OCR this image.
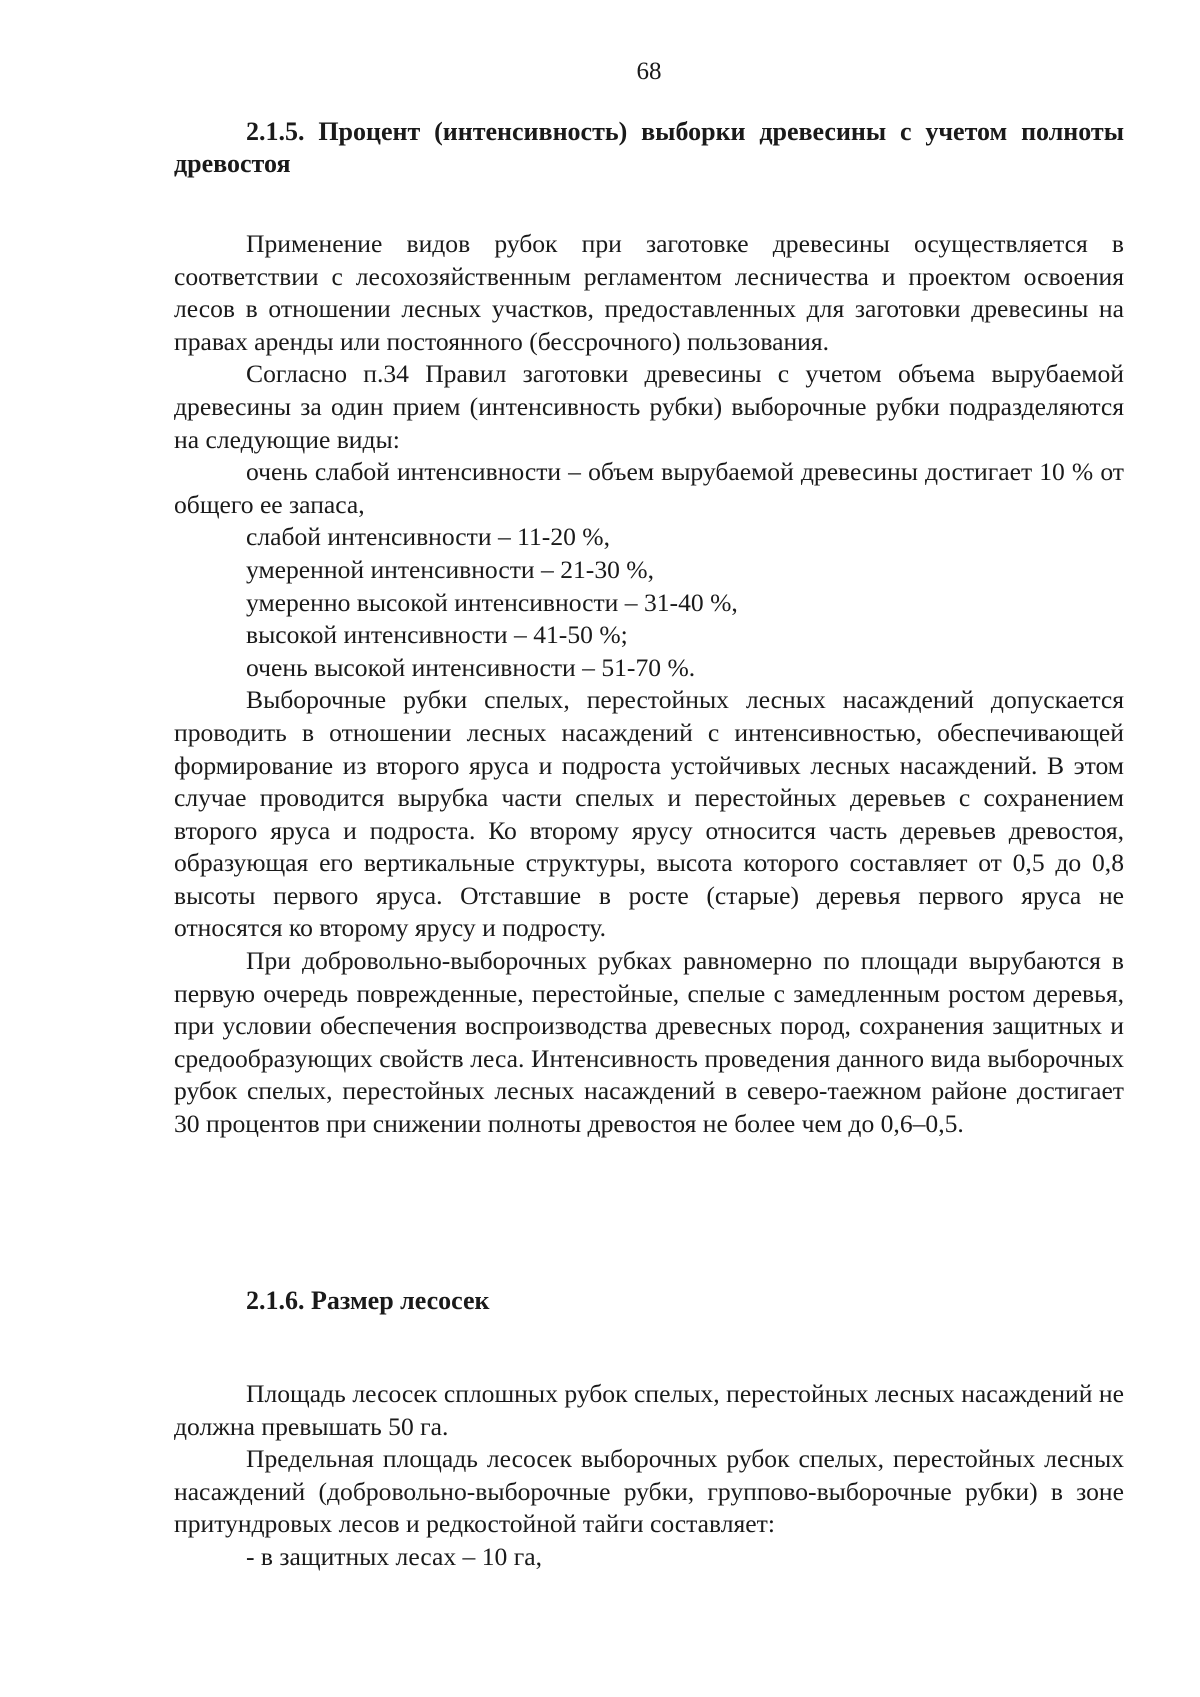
68
2.1.5. Процент (интенсивность) выборки древесины с учетом полноты древостоя

Применение видов рубок при заготовке древесины осуществляется в соответствии с лесохозяйственным регламентом лесничества и проектом освоения лесов в отношении лесных участков, предоставленных для заготовки древесины на правах аренды или постоянного (бессрочного) пользования.

Согласно п.34 Правил заготовки древесины с учетом объема вырубаемой древесины за один прием (интенсивность рубки) выборочные рубки подразделяются на следующие виды:

очень слабой интенсивности – объем вырубаемой древесины достигает 10 % от общего ее запаса,

слабой интенсивности – 11-20 %,

умеренной интенсивности – 21-30 %,

умеренно высокой интенсивности – 31-40 %,

высокой интенсивности – 41-50 %;

очень высокой интенсивности – 51-70 %.

Выборочные рубки спелых, перестойных лесных насаждений допускается проводить в отношении лесных насаждений с интенсивностью, обеспечивающей формирование из второго яруса и подроста устойчивых лесных насаждений. В этом случае проводится вырубка части спелых и перестойных деревьев с сохранением второго яруса и подроста. Ко второму ярусу относится часть деревьев древостоя, образующая его вертикальные структуры, высота которого составляет от 0,5 до 0,8 высоты первого яруса. Отставшие в росте (старые) деревья первого яруса не относятся ко второму ярусу и подросту.

При добровольно-выборочных рубках равномерно по площади вырубаются в первую очередь поврежденные, перестойные, спелые с замедленным ростом деревья, при условии обеспечения воспроизводства древесных пород, сохранения защитных и средообразующих свойств леса. Интенсивность проведения данного вида выборочных рубок спелых, перестойных лесных насаждений в северо-таежном районе достигает 30 процентов при снижении полноты древостоя не более чем до 0,6–0,5.

2.1.6. Размер лесосек

Площадь лесосек сплошных рубок спелых, перестойных лесных насаждений не должна превышать 50 га.

Предельная площадь лесосек выборочных рубок спелых, перестойных лесных насаждений (добровольно-выборочные рубки, группово-выборочные рубки) в зоне притундровых лесов и редкостойной тайги составляет:

- в защитных лесах – 10 га,
